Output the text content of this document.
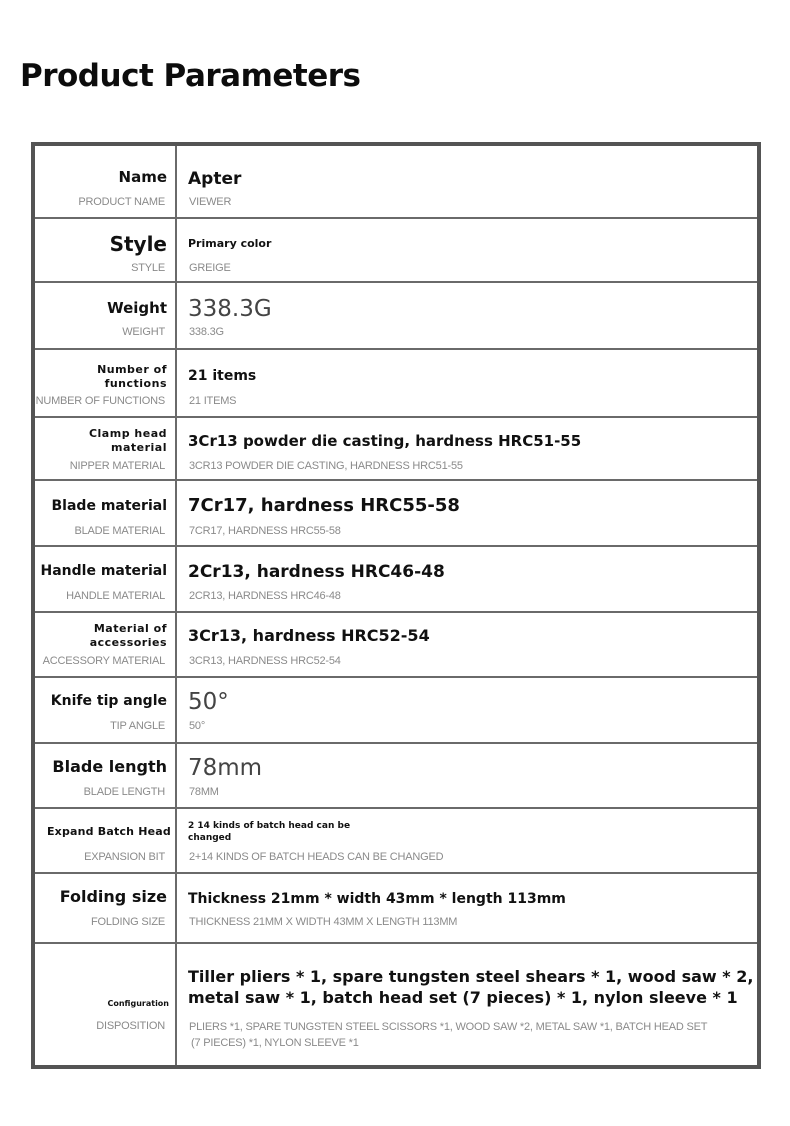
Product Parameters
Name
PRODUCT NAME
Apter
VIEWER
Style
STYLE
Primary color
GREIGE
Weight
WEIGHT
338.3G
338.3G
Number of
functions
NUMBER OF FUNCTIONS
21 items
21 ITEMS
Clamp head
material
NIPPER MATERIAL
3Cr13 powder die casting, hardness HRC51-55
3CR13 POWDER DIE CASTING, HARDNESS HRC51-55
Blade material
BLADE MATERIAL
7Cr17, hardness HRC55-58
7CR17, HARDNESS HRC55-58
Handle material
HANDLE MATERIAL
2Cr13, hardness HRC46-48
2CR13, HARDNESS HRC46-48
Material of
accessories
ACCESSORY MATERIAL
3Cr13, hardness HRC52-54
3CR13, HARDNESS HRC52-54
Knife tip angle
TIP ANGLE
50°
50°
Blade length
BLADE LENGTH
78mm
78MM
Expand Batch Head
EXPANSION BIT
2 14 kinds of batch head can be
changed
2+14 KINDS OF BATCH HEADS CAN BE CHANGED
Folding size
FOLDING SIZE
Thickness 21mm * width 43mm * length 113mm
THICKNESS 21MM X WIDTH 43MM X LENGTH 113MM
Configuration
DISPOSITION
Tiller pliers * 1, spare tungsten steel shears * 1, wood saw * 2,
metal saw * 1, batch head set (7 pieces) * 1, nylon sleeve * 1
PLIERS *1, SPARE TUNGSTEN STEEL SCISSORS *1, WOOD SAW *2, METAL SAW *1, BATCH HEAD SET
(7 PIECES) *1, NYLON SLEEVE *1
